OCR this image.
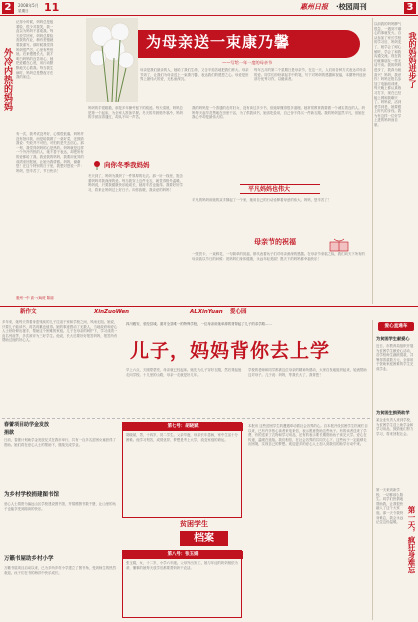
2	2008年5月 11
星期日	惠州日报 ·校园周刊	3
外冷内热的妈妈
记得小时候，妈妈总是板着脸，很少对我笑，我一直以为妈妈不喜欢我。每天放学回家，妈妈总要检查我的作业，稍有差错就要我重写。那时候我觉得妈妈很严厉，心里有些怕她。后来慢慢长大，我才明白妈妈的良苦用心，她把爱藏在心底，用行动默默地关心着我。每当我生病时，妈妈总是整夜守在我的床边。
有一次，我考试没考好，心情很低落，妈妈并没有批评我，而是给我做了一桌好菜，还鼓励我说：失败并不可怕，可怕的是失去信心。那一刻，我觉得妈妈的心是热的。妈妈就是这样一个外冷内热的人，她不善于表达，却把所有的爱都给了我。我爱我的妈妈，我要用优异的成绩来回报她，让她为我骄傲。妈妈，谢谢您！在这个特别的日子里，我想对您说一声：妈妈，您辛苦了，节日快乐！
惠州一中 高一(8)班 陈丽
为母亲送一束康乃馨
——写给一年一度的母亲节
母亲是我们最亲的人，她给了我们生命，又含辛茹苦地把我们养大。母亲节到了，让我们为母亲送上一束康乃馨，表达我们的感恩之心。母爱是世界上最伟大的爱，无私而深沉。
每年五月的第二个星期日是母亲节，在这一天，人们用各种方式表达对母亲的爱。同学们纷纷拿起手中的笔，写下对妈妈的感激和祝福，本期特刊选登部分优秀习作，以飨读者。	我的妈妈进步了
以前我的妈妈脾气很急，一遇到不顺心的事就发火。自从参加了家长学校的学习后，妈妈变了，她学会了耐心倾听，学会了和我沟通交流。现在我们就像朋友一样无话不谈。我的妈妈进步了，我真为她高兴！妈妈，我爱你！妈妈还报名参加了电脑培训班，每天晚上都认真练习打字，现在已经能上网和我聊天了。妈妈说，活到老学到老，她要跟上时代的步伐。我为有这样一位好学上进的妈妈而自豪。
妈妈的手很粗糙，那是多年操劳留下的痕迹。每天清晨，妈妈总是第一个起床，为全家人准备早餐。冬天的早晨格外寒冷，妈妈的手被冻得通红，却从不叫一声苦。
向你冬季我妈妈
冬天到了，妈妈为我织了一件厚厚的毛衣。那一针一线里，饱含着妈妈对我深深的爱。每当我穿上这件毛衣，就觉得格外温暖。妈妈说，只要我健康快乐地成长，她再辛苦也值得。我要好好学习，将来让妈妈过上好日子。向你致敬，我亲爱的妈妈！
我的妈妈是一个普通的农村妇女，没有读过多少书，但她却懂得很多道理。她常常教育我要做一个诚实善良的人。妈妈每天起早贪黑地在田里干活，为了供我读书，她省吃俭用，自己舍不得买一件新衣服。我的妈妈虽然平凡，但她在我心中却是最伟大的。
平凡妈妈也伟大
平凡的妈妈用她的双手撑起了一个家，她用自己的行动诠释着母爱的伟大。妈妈，您辛苦了！
母亲节的祝福
一张贺卡，一束鲜花，一句简单的祝福，都代表着孩子们对母亲深深的感激。在母亲节来临之际，我们向天下所有的母亲致以节日的问候：祝妈妈们身体健康，永远年轻美丽！愿天下的妈妈都幸福快乐！
新作文	XinZuoWen	ALXinYuan 爱心园
多年来，她每天背着身患残疾的儿子往返于家和学校之间，风雨无阻。她说，只要儿子能读书，再苦再累也值得。她的事迹感动了无数人，当地政府和爱心人士纷纷伸出援手，帮助这个困难的家庭。儿子在母亲的呵护下，学习成绩一直名列前茅，多次被评为三好学生。他说，长大后要好好报答妈妈，报答所有帮助过他的好心人。
四川雅安，荥经县城。面对全县唯一的特殊学校，一位母亲用她单薄的背背起了儿子的求学路……
儿子，妈妈背你去上学
早上六点，天刚蒙蒙亮，母亲就已经起床。她先为儿子穿好衣服，然后背起他走向学校。十几里的山路，母亲一走就是好几年。
学校的老师和同学都被这位母亲的精神所感动，大家自发地组织起来，轮流帮助这对母子。儿子说：妈妈，等我长大了，我背您！
爱心直通车
为贫困学生献爱心
近日，市教育局组织开展为贫困学生献爱心活动，各学校师生踊跃捐款，共筹得善款数万元，全部用于资助家庭困难的学生完成学业。
为贫困生捐资助学
某企业负责人来到学校，为贫困学生送上助学金和学习用品，鼓励他们努力学习，将来回报社会。
第一天，疯狂身难忘
第一天来到新学校，一切都那么陌生。同学们热情地帮助我，让我很快融入了这个大家庭。那一天令我终身难忘，我会永远记住这份温暖。
春蕾项目助学金发放
捐款
日前，春蕾计划助学金发放仪式在我市举行，共有一百多名贫困女童获得了资助。她们将在爱心人士的帮助下，继续完成学业。
为乡村学校捐建图书馆
爱心人士捐资为偏远山区学校建设图书馆，并捐赠图书数千册，让山里的孩子也能享受到阅读的快乐。
万籁书屋助乡村小学
万籁书屋项目启动以来，已为多所乡村小学建立了图书角，受到师生的热烈欢迎。孩子们在书的海洋中快乐成长。
第七号：胡晓斌
胡晓斌，男，十四岁，初二学生。父亲早逝，母亲长年患病，家中生活十分困难。他学习刻苦，成绩优异，梦想是考上大学，改变家庭的命运。
贫困学生
档案
第八号：张玉娟
张玉娟，女，十二岁，小学六年级。父母外出务工，她与年迈的奶奶相依为命，懂事的她每天放学后都要帮奶奶干农活。
本报讯 这些贫困学生的遭遇牵动着社会各界的心。自本报开设贫困学生档案栏目以来，已有许多热心读者来电来信，表示愿意资助这些孩子。有的读者送来了学费，有的送来了衣物和学习用品，还有的表示要长期资助孩子读完大学。爱心在传递，温暖在延续。我们相信，在社会各界的共同关心下，这些孩子一定能够走出困境，实现自己的梦想。欢迎更多的爱心人士加入到我们的助学行动中来。
